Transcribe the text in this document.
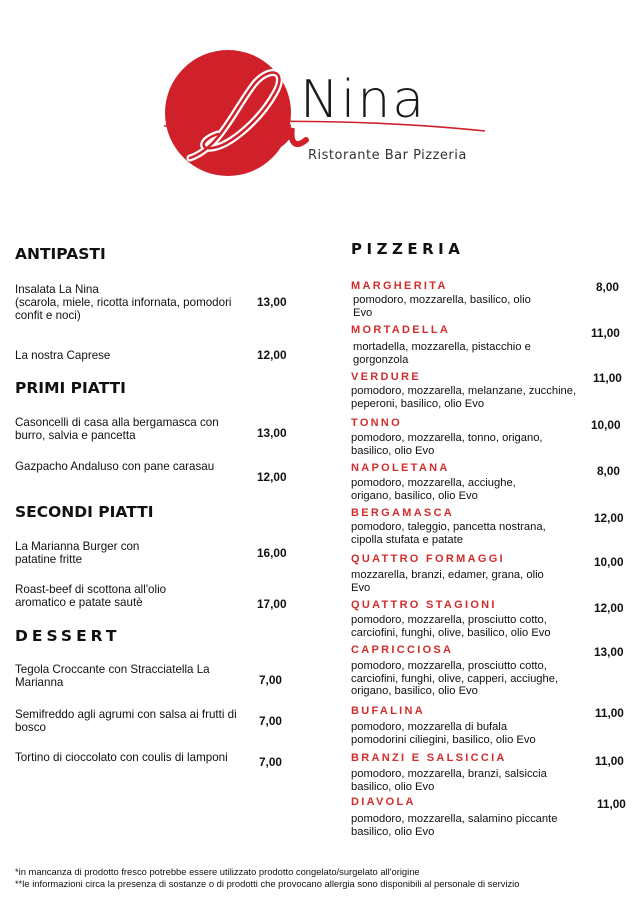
Nina
Ristorante Bar Pizzeria
ANTIPASTI
Insalata La Nina
(scarola, miele, ricotta infornata, pomodori confit e noci)
13,00
La nostra Caprese	12,00
PRIMI PIATTI
Casoncelli di casa alla bergamasca con burro, salvia e pancetta	13,00
Gazpacho Andaluso con pane carasau
12,00
SECONDI PIATTI
La Marianna Burger con patatine fritte	16,00
Roast-beef di scottona all'olio aromatico e patate sautè	17,00
DESSERT
Tegola Croccante con Stracciatella La Marianna	7,00
Semifreddo agli agrumi con salsa ai frutti di bosco	7,00
Tortino di cioccolato con coulis di lamponi	7,00
PIZZERIA
MARGHERITA
pomodoro, mozzarella, basilico, olio Evo
8,00
MORTADELLA
mortadella, mozzarella, pistacchio e gorgonzola
11,00
VERDURE
pomodoro, mozzarella, melanzane, zucchine, peperoni, basilico, olio Evo
11,00
TONNO
pomodoro, mozzarella, tonno, origano, basilico, olio Evo
10,00
NAPOLETANA
pomodoro, mozzarella, acciughe, origano, basilico, olio Evo
8,00
BERGAMASCA
pomodoro, taleggio, pancetta nostrana, cipolla stufata e patate
12,00
QUATTRO FORMAGGI
mozzarella, branzi, edamer, grana, olio Evo
10,00
QUATTRO STAGIONI
pomodoro, mozzarella, prosciutto cotto, carciofini, funghi, olive, basilico, olio Evo
12,00
CAPRICCIOSA
pomodoro, mozzarella, prosciutto cotto, carciofini, funghi, olive, capperi, acciughe, origano, basilico, olio Evo
13,00
BUFALINA
pomodoro, mozzarella di bufala pomodorini ciliegini, basilico, olio Evo
11,00
BRANZI E SALSICCIA
pomodoro, mozzarella, branzi, salsiccia basilico, olio Evo
11,00
DIAVOLA
pomodoro, mozzarella, salamino piccante basilico, olio Evo
11,00
*in mancanza di prodotto fresco potrebbe essere utilizzato prodotto congelato/surgelato all'origine
**le informazioni circa la presenza di sostanze o di prodotti che provocano allergia sono disponibili al personale di servizio
